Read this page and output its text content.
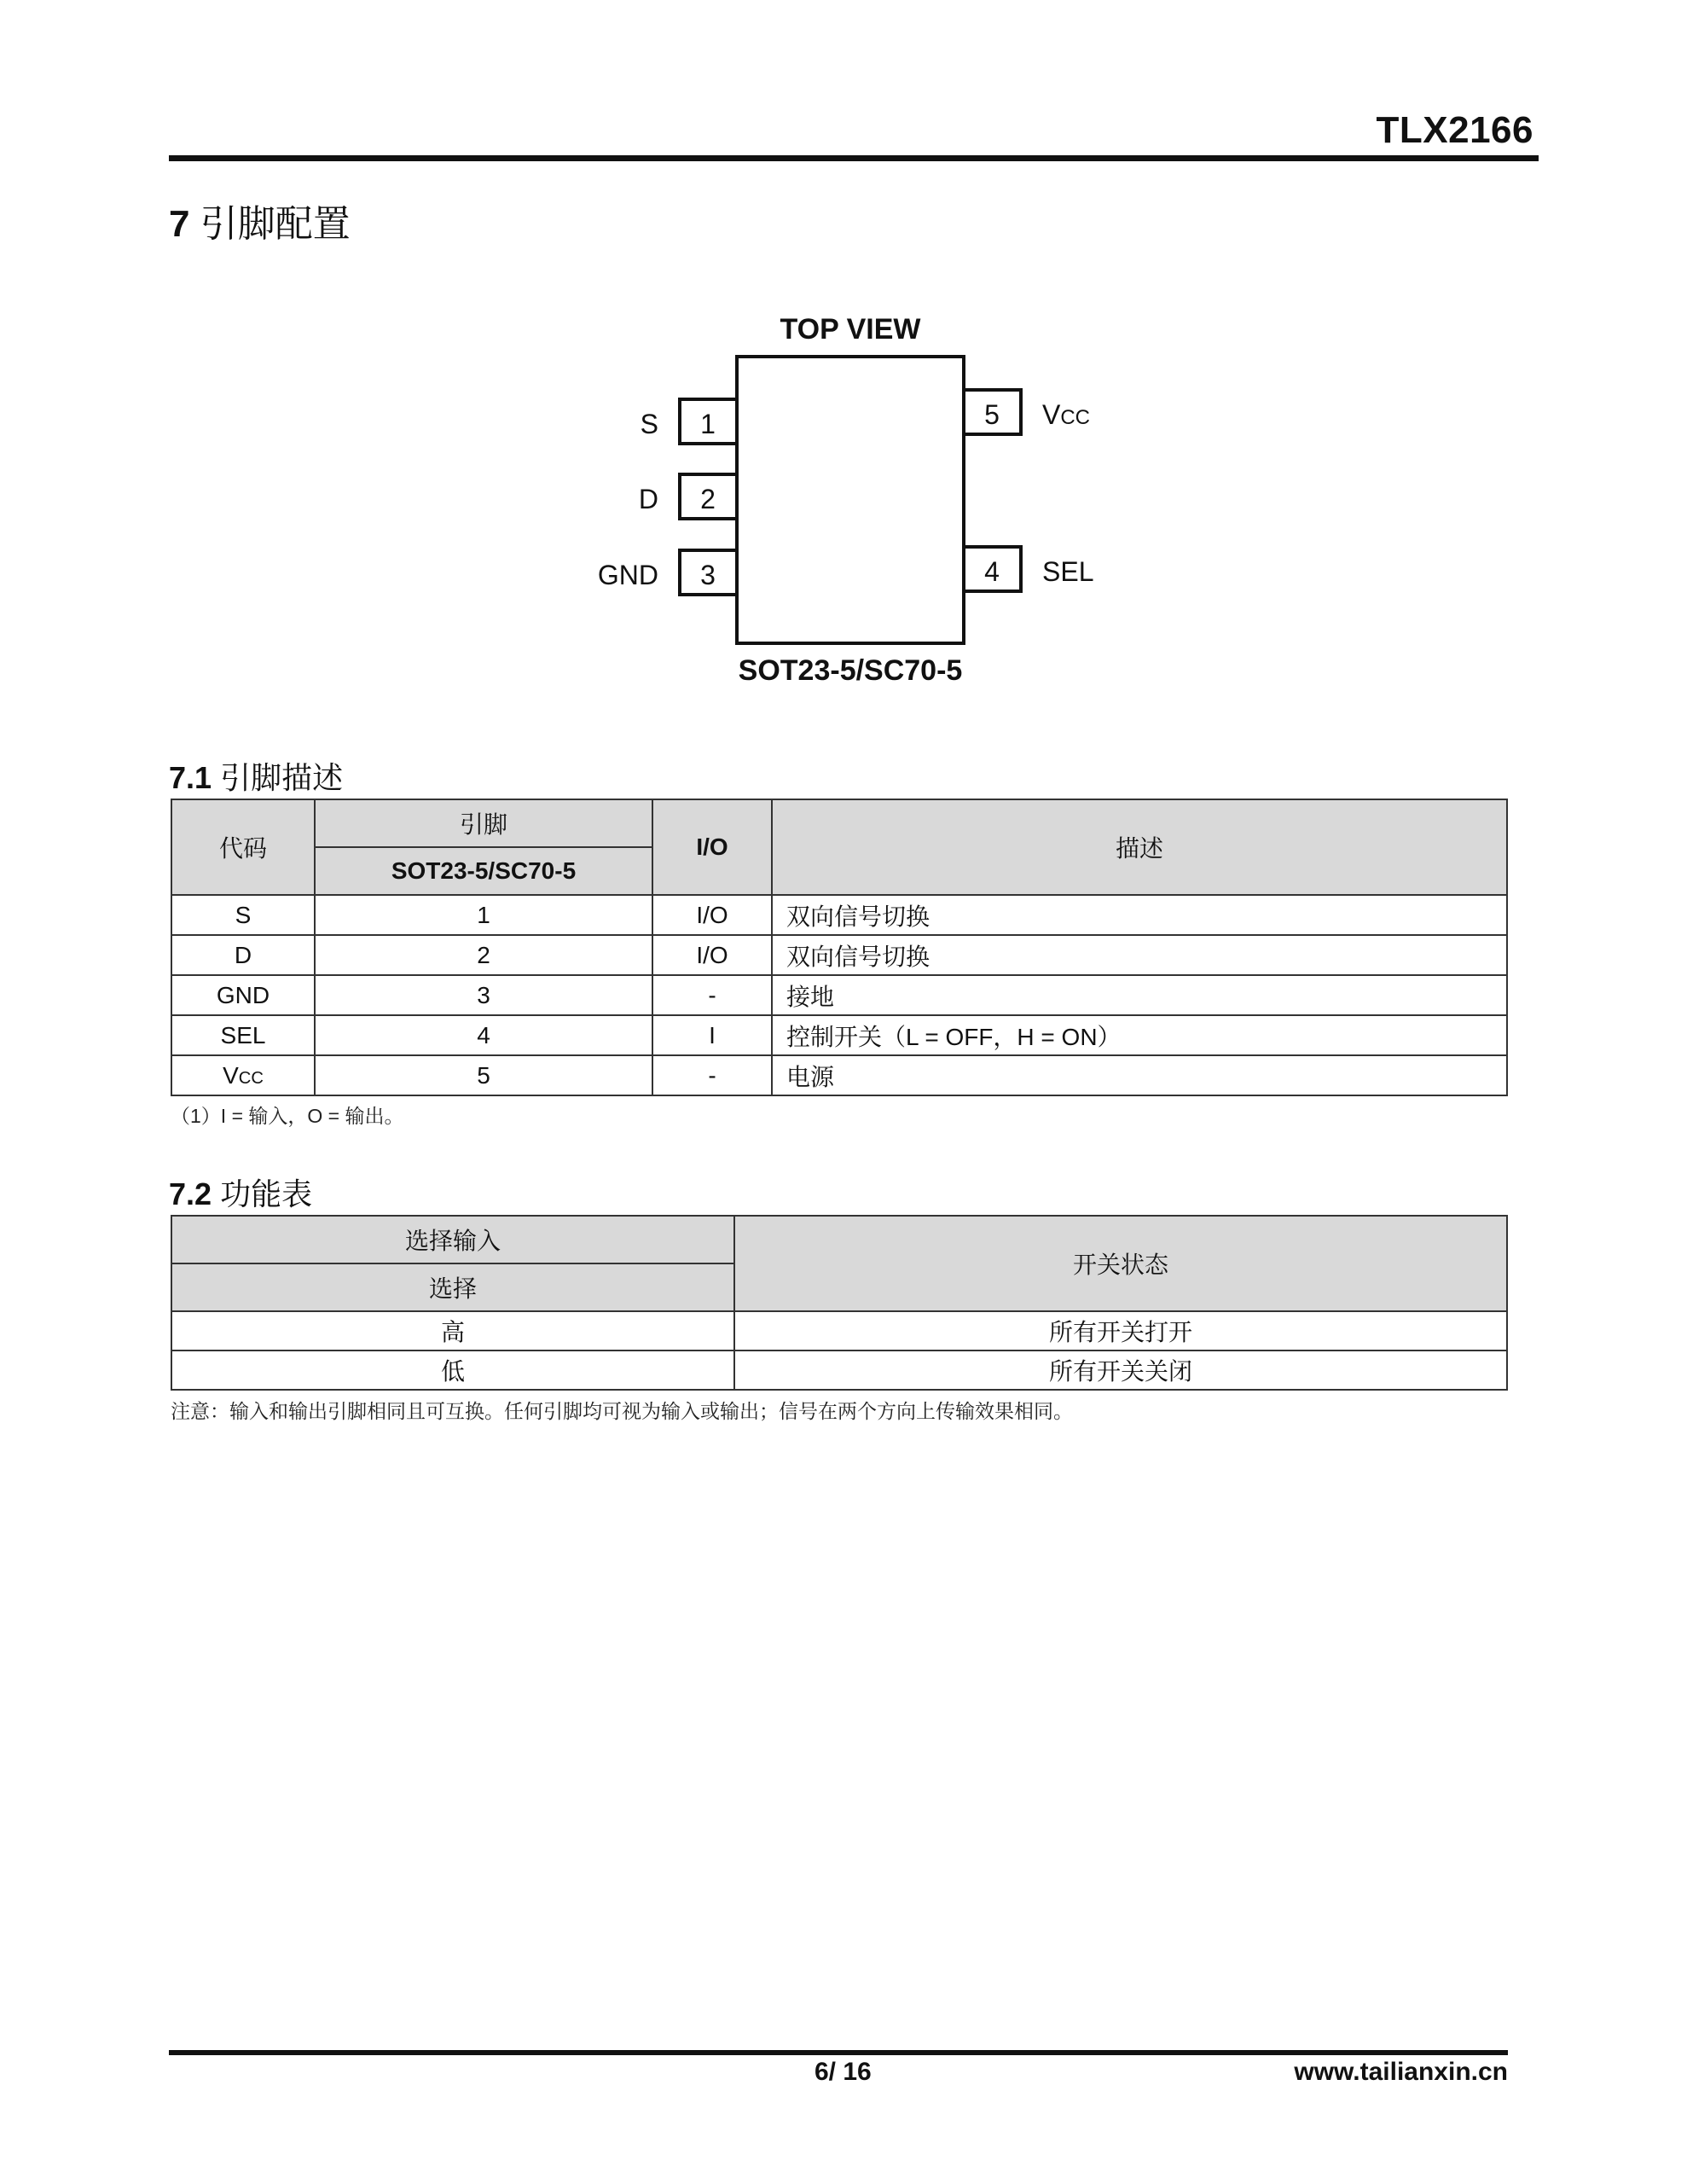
TLX2166
7 引脚配置
TOP VIEW
1
S
2
D
3
GND
5 VCC
4 SEL
SOT23-5/SC70-5
7.1 引脚描述
代码	引脚	I/O	描述
	SOT23-5/SC70-5		
S	1	I/O	双向信号切换
D	2	I/O	双向信号切换
GND	3	-	接地
SEL	4	I	控制开关（L = OFF，H = ON）
VCC	5	-	电源
（1）I = 输入，O = 输出。
7.2 功能表
选择输入	开关状态
选择	
高	所有开关打开
低	所有开关关闭
注意：输入和输出引脚相同且可互换。任何引脚均可视为输入或输出；信号在两个方向上传输效果相同。
6/ 16	www.tailianxin.cn
